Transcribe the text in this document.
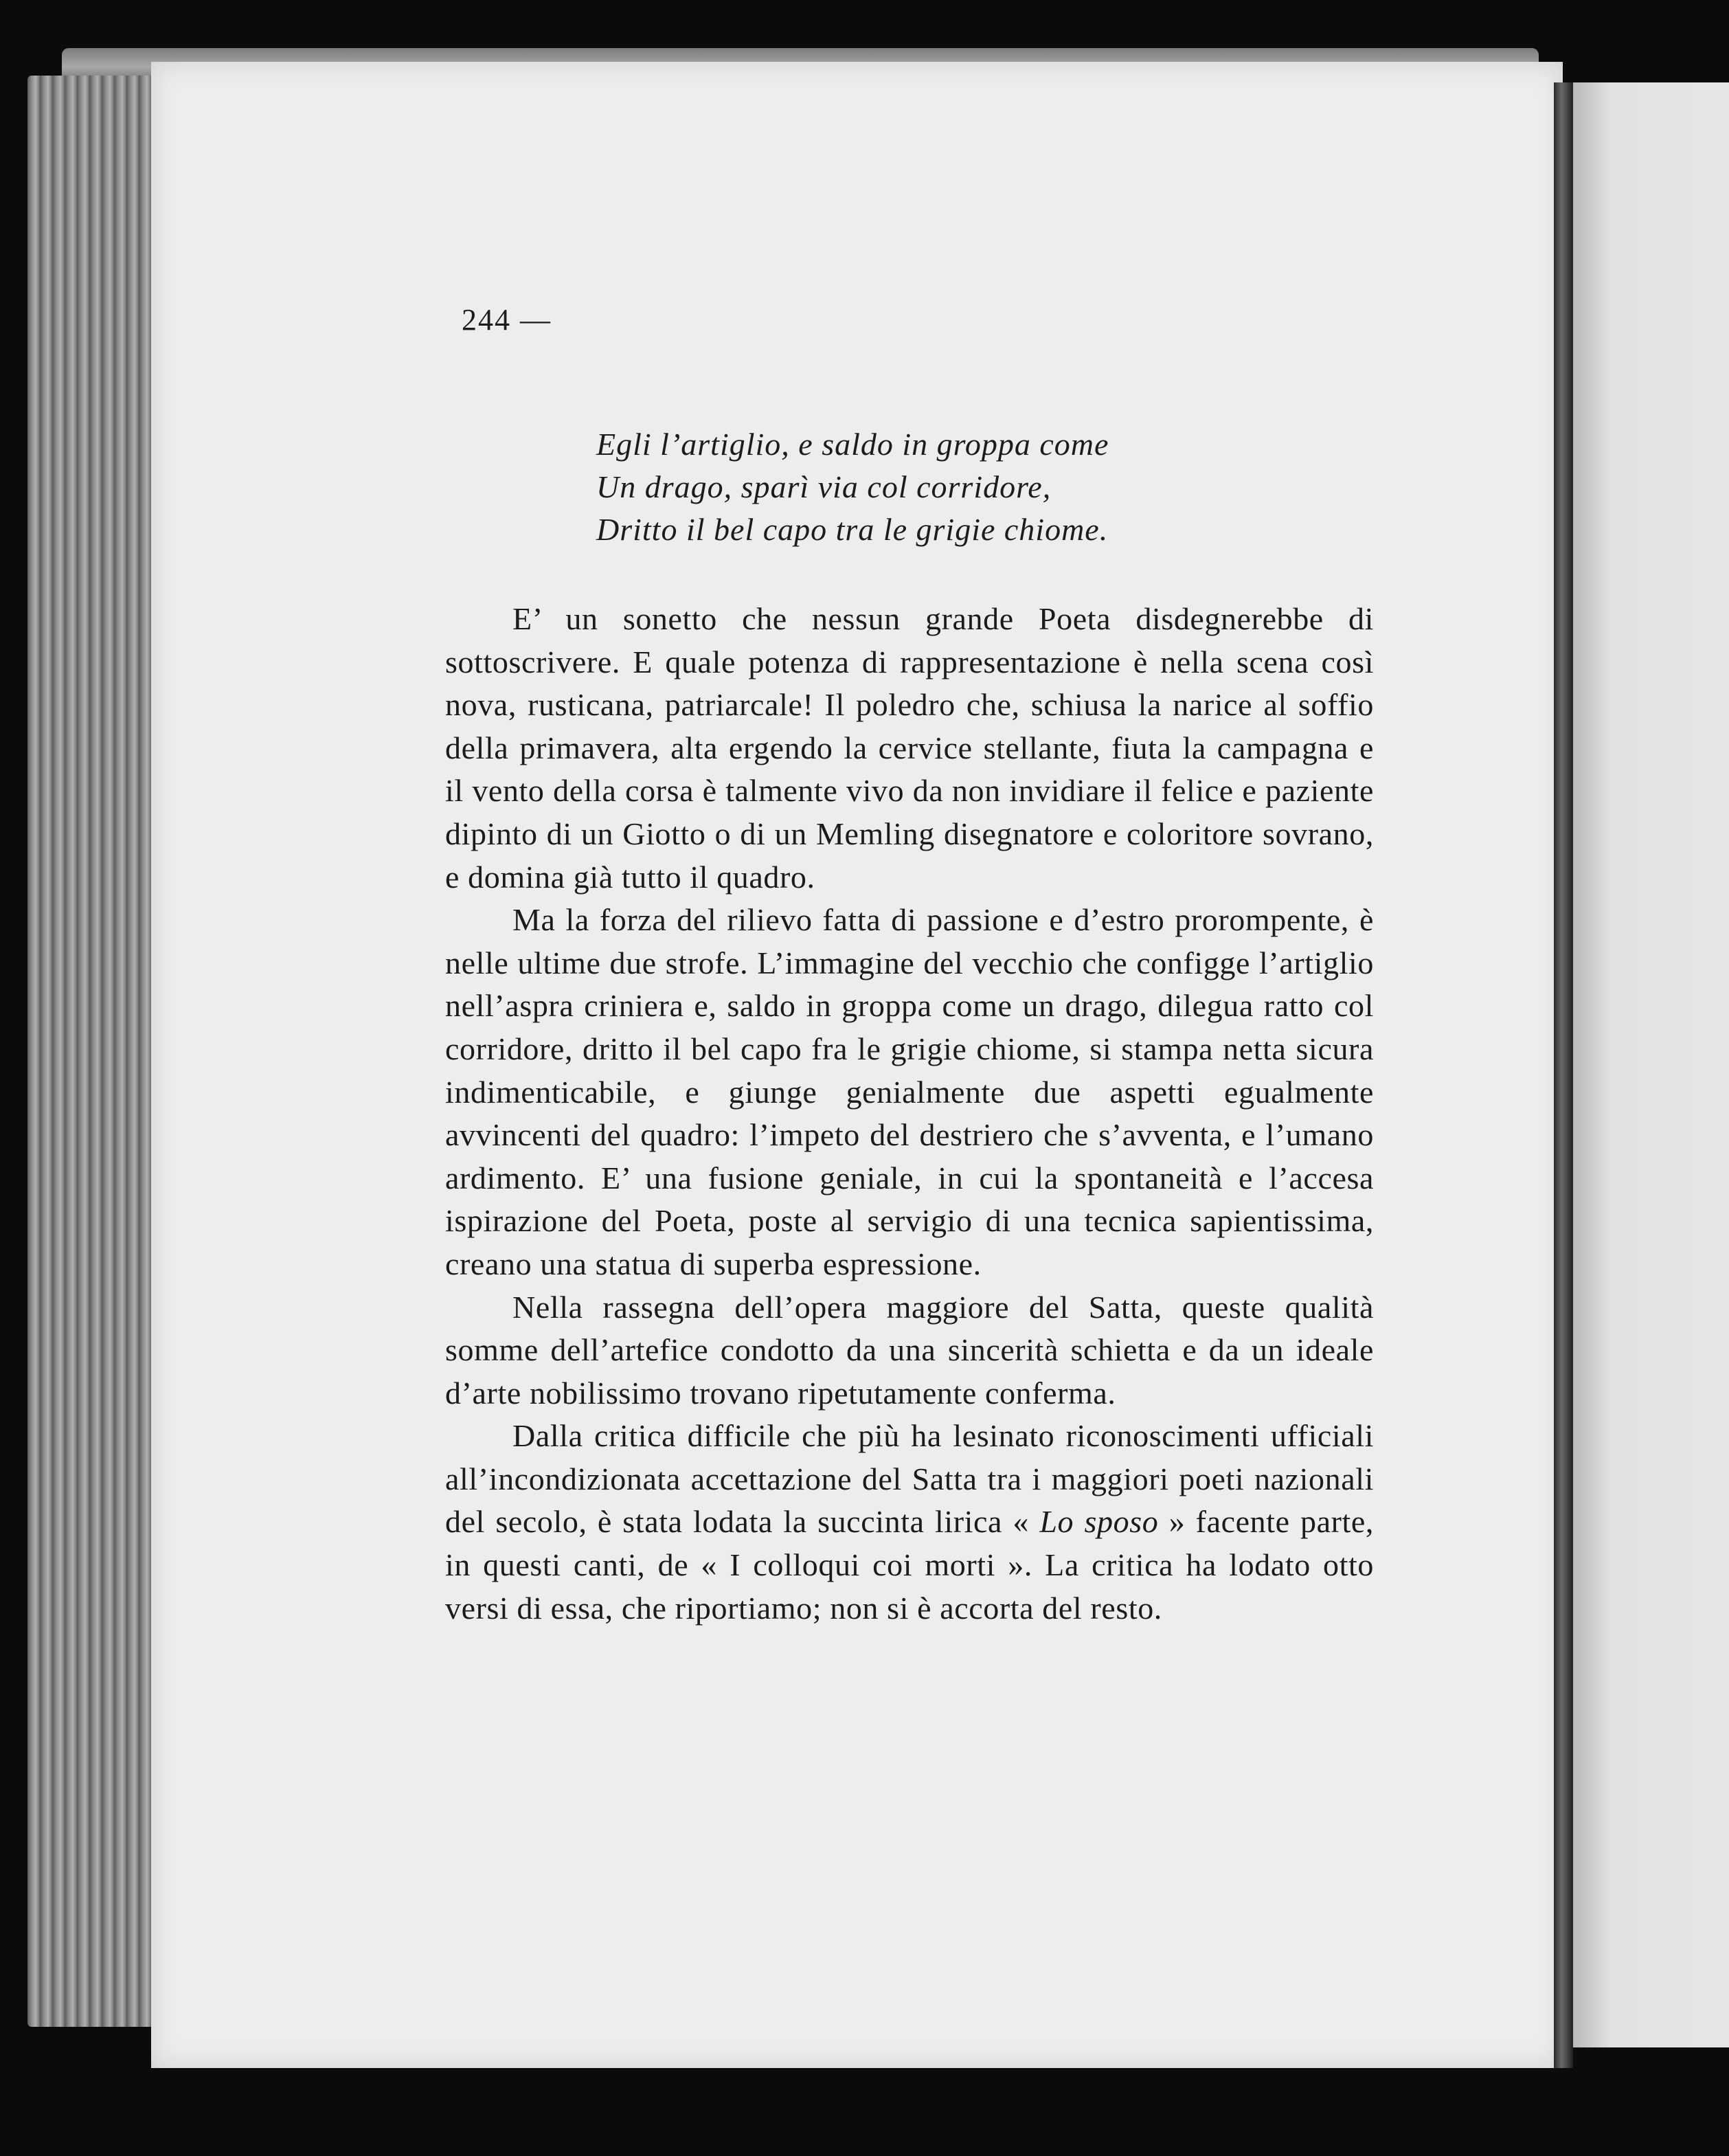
244 —
Egli l’artiglio, e saldo in groppa come
Un drago, sparì via col corridore,
Dritto il bel capo tra le grigie chiome.

E’ un sonetto che nessun grande Poeta disdegnerebbe di sottoscrivere. E quale potenza di rappresentazione è nella scena così nova, rusticana, patriarcale! Il poledro che, schiusa la narice al soffio della primavera, alta ergendo la cervice stellante, fiuta la campagna e il vento della corsa è talmente vivo da non invidiare il felice e paziente dipinto di un Giotto o di un Memling disegnatore e coloritore sovrano, e domina già tutto il quadro.

Ma la forza del rilievo fatta di passione e d’estro prorompente, è nelle ultime due strofe. L’immagine del vecchio che configge l’artiglio nell’aspra criniera e, saldo in groppa come un drago, dilegua ratto col corridore, dritto il bel capo fra le grigie chiome, si stampa netta sicura indimenticabile, e giunge genialmente due aspetti egualmente avvincenti del quadro: l’impeto del destriero che s’avventa, e l’umano ardimento. E’ una fusione geniale, in cui la spontaneità e l’accesa ispirazione del Poeta, poste al servigio di una tecnica sapientissima, creano una statua di superba espressione.

Nella rassegna dell’opera maggiore del Satta, queste qualità somme dell’artefice condotto da una sincerità schietta e da un ideale d’arte nobilissimo trovano ripetutamente conferma.

Dalla critica difficile che più ha lesinato riconoscimenti ufficiali all’incondizionata accettazione del Satta tra i maggiori poeti nazionali del secolo, è stata lodata la succinta lirica « Lo sposo » facente parte, in questi canti, de « I colloqui coi morti ». La critica ha lodato otto versi di essa, che riportiamo; non si è accorta del resto.
